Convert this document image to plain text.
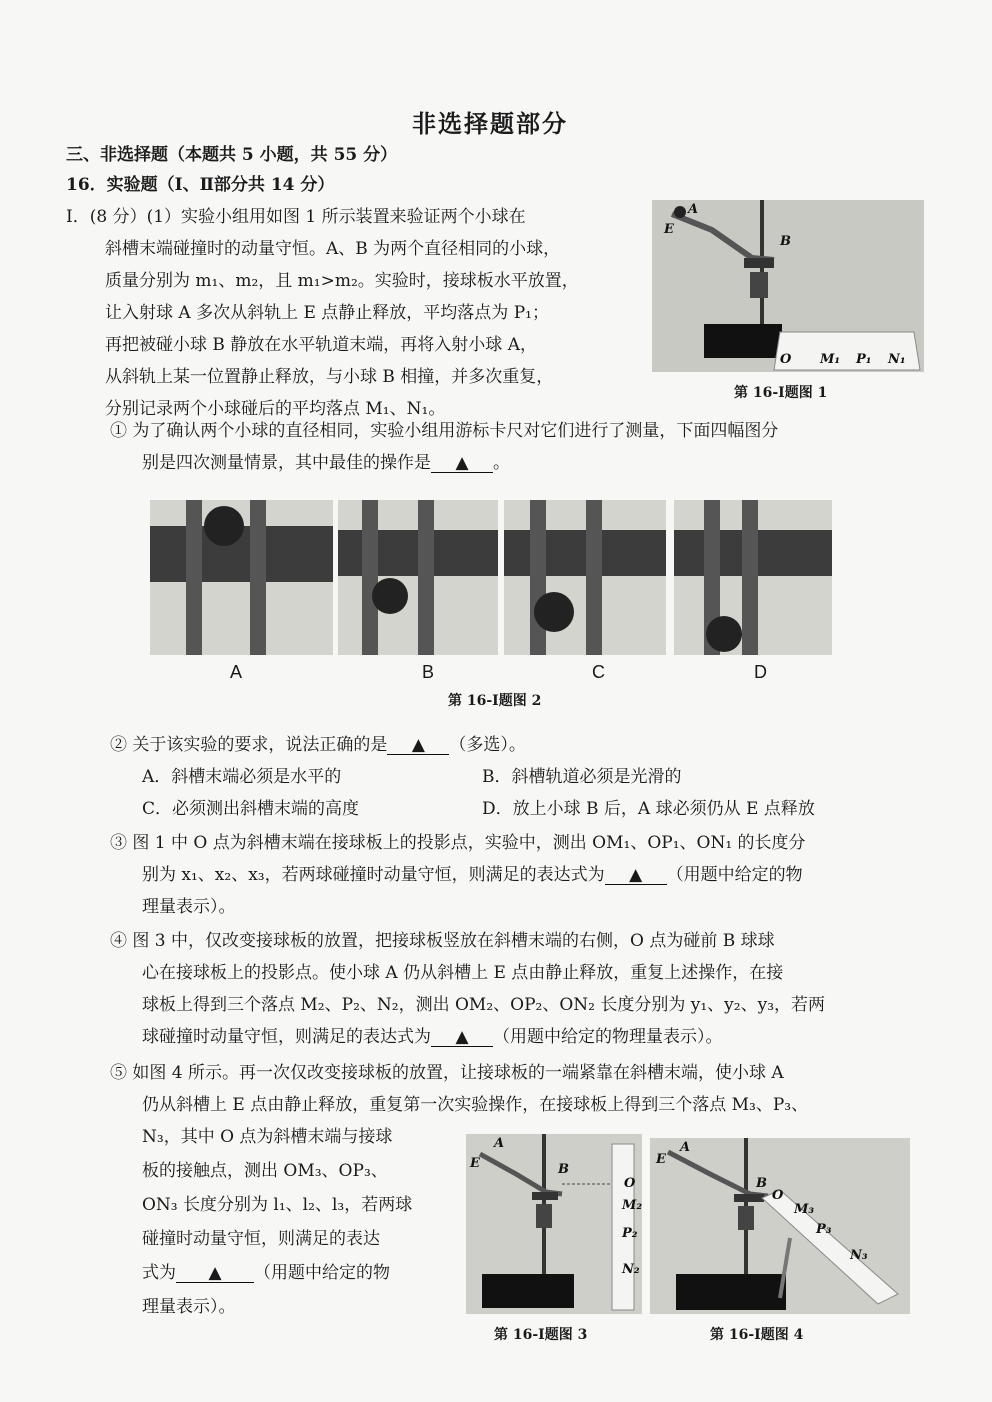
非选择题部分
三、非选择题（本题共 5 小题，共 55 分）
16．实验题（Ⅰ、Ⅱ部分共 14 分）
Ⅰ．(8 分）(1）实验小组用如图 1 所示装置来验证两个小球在
斜槽末端碰撞时的动量守恒。A、B 为两个直径相同的小球，
质量分别为 m₁、m₂，且 m₁>m₂。实验时，接球板水平放置，
让入射球 A 多次从斜轨上 E 点静止释放，平均落点为 P₁；
再把被碰小球 B 静放在水平轨道末端，再将入射小球 A，
从斜轨上某一位置静止释放，与小球 B 相撞，并多次重复，
分别记录两个小球碰后的平均落点 M₁、N₁。
A
E
B
O M₁ P₁ N₁
第 16-Ⅰ题图 1
① 为了确认两个小球的直径相同，实验小组用游标卡尺对它们进行了测量，下面四幅图分
别是四次测量情景，其中最佳的操作是 ▲ 。
A	B	C	D
第 16-Ⅰ题图 2
② 关于该实验的要求，说法正确的是 ▲ （多选）。
A．斜槽末端必须是水平的	B．斜槽轨道必须是光滑的
C．必须测出斜槽末端的高度	D．放上小球 B 后，A 球必须仍从 E 点释放
③ 图 1 中 O 点为斜槽末端在接球板上的投影点，实验中，测出 OM₁、OP₁、ON₁ 的长度分
别为 x₁、x₂、x₃，若两球碰撞时动量守恒，则满足的表达式为 ▲ （用题中给定的物
理量表示）。
④ 图 3 中，仅改变接球板的放置，把接球板竖放在斜槽末端的右侧，O 点为碰前 B 球球
心在接球板上的投影点。使小球 A 仍从斜槽上 E 点由静止释放，重复上述操作，在接
球板上得到三个落点 M₂、P₂、N₂，测出 OM₂、OP₂、ON₂ 长度分别为 y₁、y₂、y₃，若两
球碰撞时动量守恒，则满足的表达式为 ▲ （用题中给定的物理量表示）。
⑤ 如图 4 所示。再一次仅改变接球板的放置，让接球板的一端紧靠在斜槽末端，使小球 A
仍从斜槽上 E 点由静止释放，重复第一次实验操作，在接球板上得到三个落点 M₃、P₃、
N₃，其中 O 点为斜槽末端与接球
板的接触点，测出 OM₃、OP₃、
ON₃ 长度分别为 l₁、l₂、l₃，若两球
碰撞时动量守恒，则满足的表达
式为 ▲ （用题中给定的物
理量表示）。
A
E	B
O
M₂
P₂
N₂
第 16-Ⅰ题图 3
A
E
B
O
M₃
P₃
N₃
第 16-Ⅰ题图 4
